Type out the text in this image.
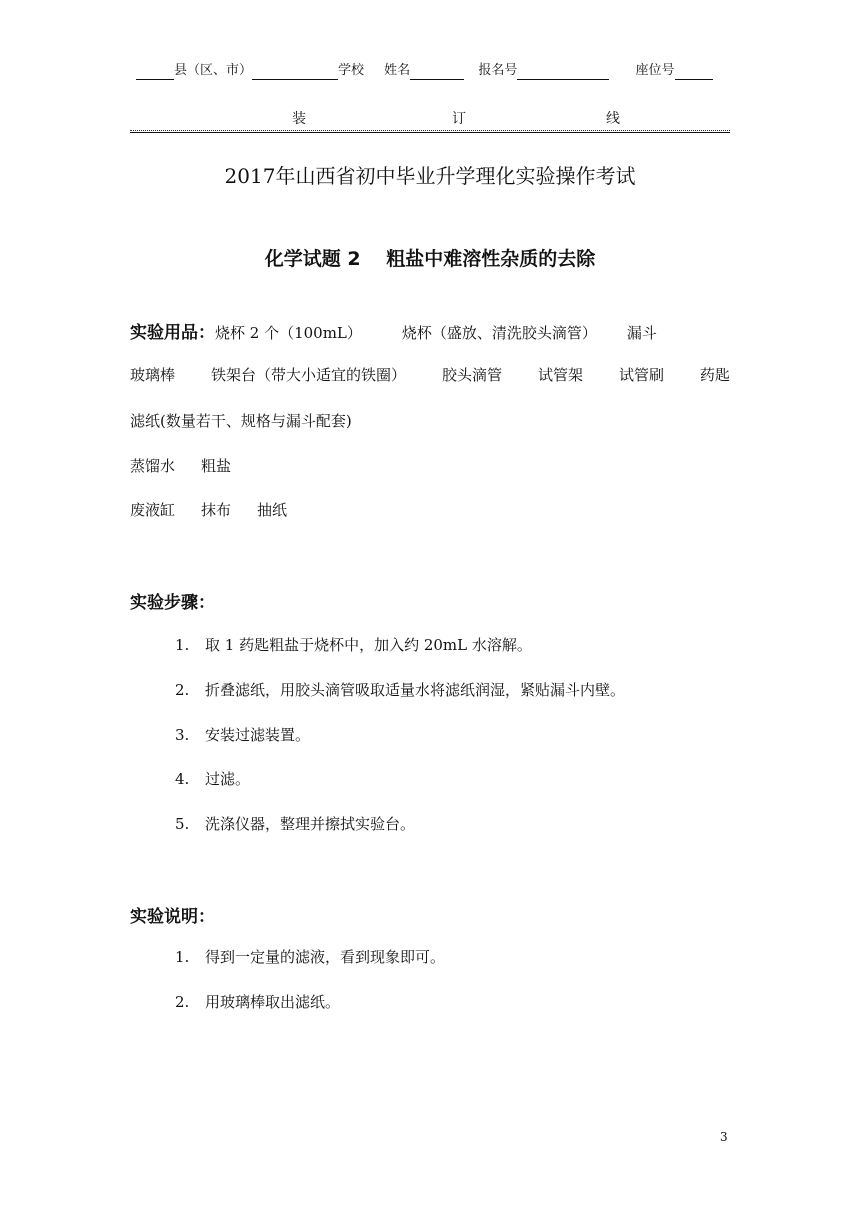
县（区、市）	学校 姓名	报名号	座位号
装	订	线
2017年山西省初中毕业升学理化实验操作考试
化学试题 2　 粗盐中难溶性杂质的去除
实验用品：烧杯 2 个（100mL）	烧杯（盛放、清洗胶头滴管） 漏斗
玻璃棒 铁架台（带大小适宜的铁圈） 胶头滴管 试管架 试管刷 药匙
滤纸(数量若干、规格与漏斗配套)
蒸馏水 粗盐
废液缸 抹布 抽纸
实验步骤：
1. 取 1 药匙粗盐于烧杯中，加入约 20mL 水溶解。
2. 折叠滤纸，用胶头滴管吸取适量水将滤纸润湿，紧贴漏斗内壁。
3. 安装过滤装置。
4. 过滤。
5. 洗涤仪器，整理并擦拭实验台。
实验说明：
1. 得到一定量的滤液，看到现象即可。
2. 用玻璃棒取出滤纸。
3
